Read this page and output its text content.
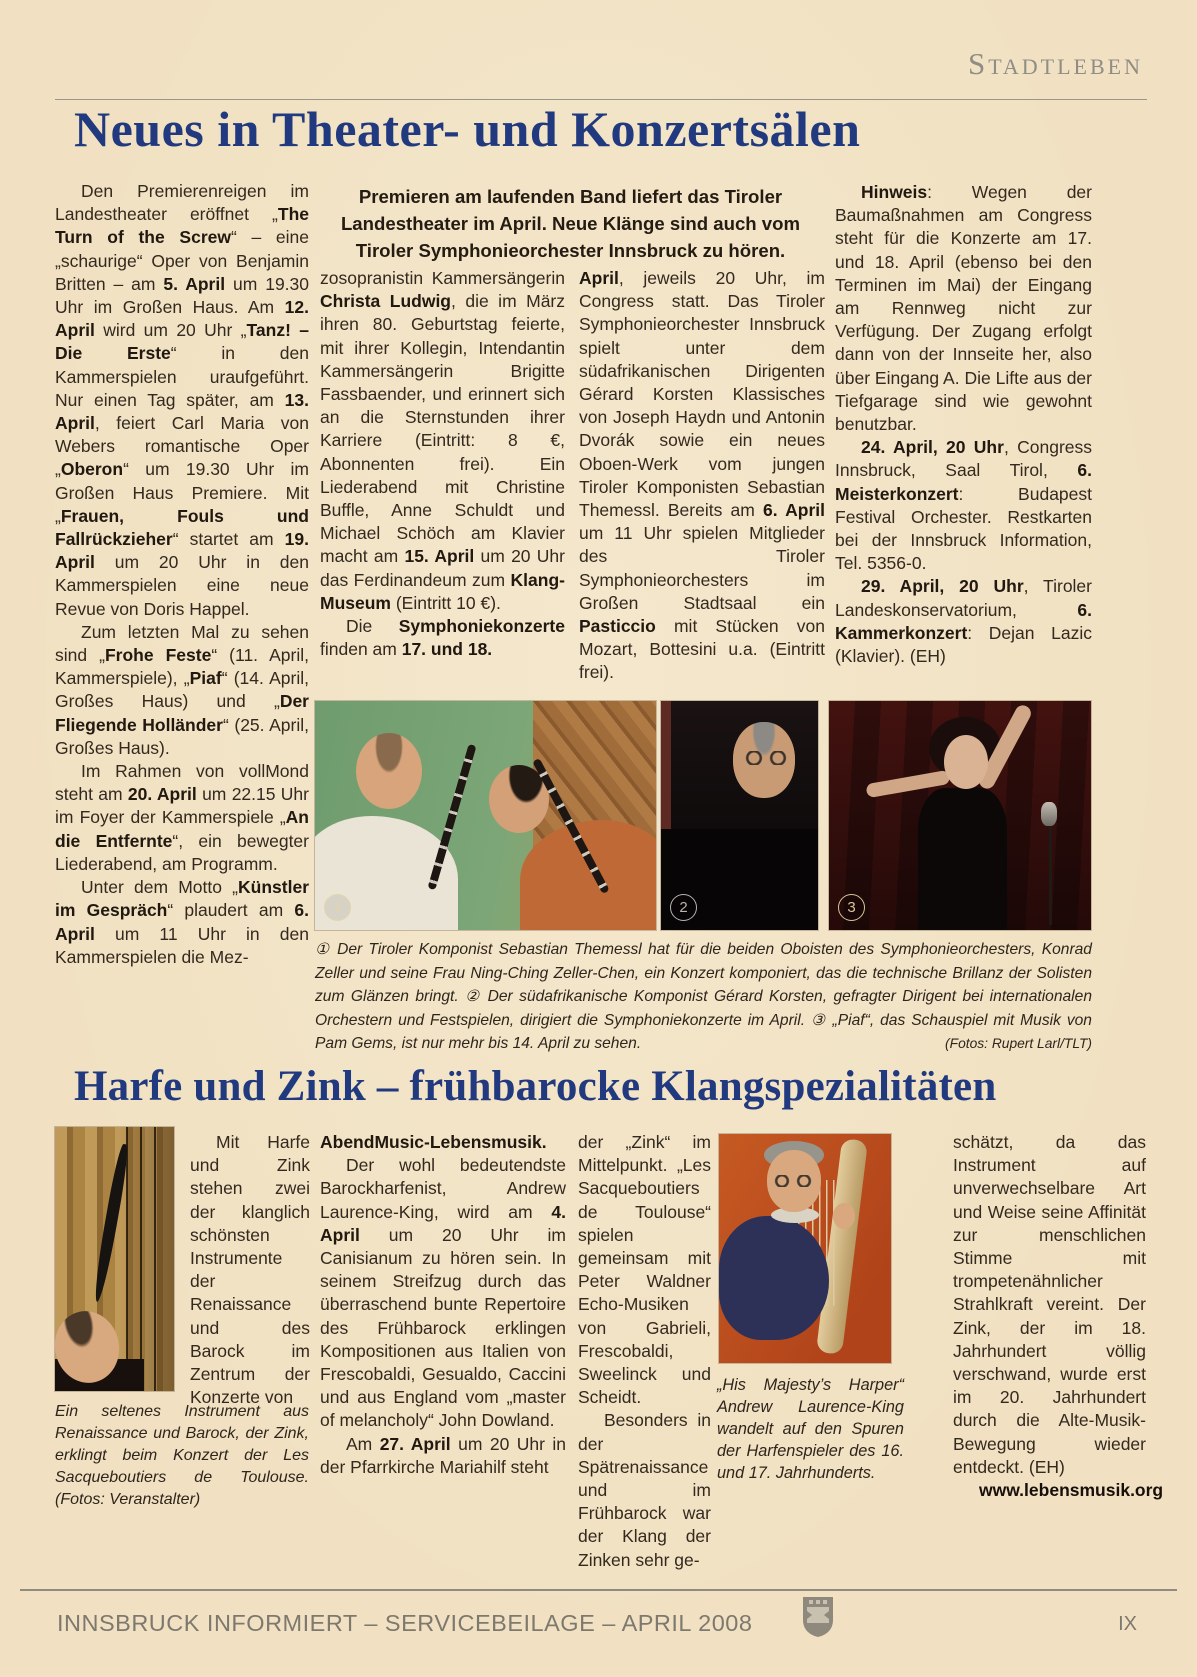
Stadtleben
Neues in Theater- und Konzertsälen

Den Premierenreigen im Landestheater eröffnet „The Turn of the Screw“ – eine „schaurige“ Oper von Benjamin Britten – am 5. April um 19.30 Uhr im Großen Haus. Am 12. April wird um 20 Uhr „Tanz! – Die Erste“ in den Kammerspielen uraufgeführt. Nur einen Tag später, am 13. April, feiert Carl Maria von Webers romantische Oper „Oberon“ um 19.30 Uhr im Großen Haus Premiere. Mit „Frauen, Fouls und Fallrückzieher“ startet am 19. April um 20 Uhr in den Kammerspielen eine neue Revue von Doris Happel.

Zum letzten Mal zu sehen sind „Frohe Feste“ (11. April, Kammerspiele), „Piaf“ (14. April, Großes Haus) und „Der Fliegende Holländer“ (25. April, Großes Haus).

Im Rahmen von vollMond steht am 20. April um 22.15 Uhr im Foyer der Kammerspiele „An die Entfernte“, ein bewegter Liederabend, am Programm.

Unter dem Motto „Künstler im Gespräch“ plaudert am 6. April um 11 Uhr in den Kammerspielen die Mez-

Premieren am laufenden Band liefert das Tiroler Landestheater im April. Neue Klänge sind auch vom Tiroler Symphonieorchester Innsbruck zu hören.

zosopranistin Kammersängerin Christa Ludwig, die im März ihren 80. Geburtstag feierte, mit ihrer Kollegin, Intendantin Kammersängerin Brigitte Fassbaender, und erinnert sich an die Sternstunden ihrer Karriere (Eintritt: 8 €, Abonnenten frei). Ein Liederabend mit Christine Buffle, Anne Schuldt und Michael Schöch am Klavier macht am 15. April um 20 Uhr das Ferdinandeum zum Klang-Museum (Eintritt 10 €).

Die Symphoniekonzerte finden am 17. und 18.

April, jeweils 20 Uhr, im Congress statt. Das Tiroler Symphonieorchester Innsbruck spielt unter dem südafrikanischen Dirigenten Gérard Korsten Klassisches von Joseph Haydn und Antonin Dvorák sowie ein neues Oboen-Werk vom jungen Tiroler Komponisten Sebastian Themessl. Bereits am 6. April um 11 Uhr spielen Mitglieder des Tiroler Symphonieorchesters im Großen Stadtsaal ein Pasticcio mit Stücken von Mozart, Bottesini u.a. (Eintritt frei).

Hinweis: Wegen der Baumaßnahmen am Congress steht für die Konzerte am 17. und 18. April (ebenso bei den Terminen im Mai) der Eingang am Rennweg nicht zur Verfügung. Der Zugang erfolgt dann von der Innseite her, also über Eingang A. Die Lifte aus der Tiefgarage sind wie gewohnt benutzbar.

24. April, 20 Uhr, Congress Innsbruck, Saal Tirol, 6. Meisterkonzert: Budapest Festival Orchester. Restkarten bei der Innsbruck Information, Tel. 5356-0.

29. April, 20 Uhr, Tiroler Landeskonservatorium, 6. Kammerkonzert: Dejan Lazic (Klavier). (EH)

1	2	3
① Der Tiroler Komponist Sebastian Themessl hat für die beiden Oboisten des Symphonieorchesters, Konrad Zeller und seine Frau Ning-Ching Zeller-Chen, ein Konzert komponiert, das die technische Brillanz der Solisten zum Glänzen bringt. ② Der südafrikanische Komponist Gérard Korsten, gefragter Dirigent bei internationalen Orchestern und Festspielen, dirigiert die Symphoniekonzerte im April. ③ „Piaf“, das Schauspiel mit Musik von Pam Gems, ist nur mehr bis 14. April zu sehen.	(Fotos: Rupert Larl/TLT)
Harfe und Zink – frühbarocke Klangspezialitäten

Mit Harfe und Zink stehen zwei der klanglich schönsten Instrumente der Renaissance und des Barock im Zentrum der Konzerte von

Ein seltenes Instrument aus Renaissance und Barock, der Zink, erklingt beim Konzert der Les Sacqueboutiers de Toulouse. (Fotos: Veranstalter)

AbendMusic-Lebensmusik.

Der wohl bedeutendste Barockharfenist, Andrew Laurence-King, wird am 4. April um 20 Uhr im Canisianum zu hören sein. In seinem Streifzug durch das überraschend bunte Repertoire des Frühbarock erklingen Kompositionen aus Italien von Frescobaldi, Gesualdo, Caccini und aus England vom „master of melancholy“ John Dowland.

Am 27. April um 20 Uhr in der Pfarrkirche Mariahilf steht

der „Zink“ im Mittelpunkt. „Les Sacqueboutiers de Toulouse“ spielen gemeinsam mit Peter Waldner Echo-Musiken von Gabrieli, Frescobaldi, Sweelinck und Scheidt.

Besonders in der Spätrenaissance und im Frühbarock war der Klang der Zinken sehr ge-

„His Majesty’s Harper“ Andrew Laurence-King wandelt auf den Spuren der Harfenspieler des 16. und 17. Jahrhunderts.

schätzt, da das Instrument auf unverwechselbare Art und Weise seine Affinität zur menschlichen Stimme mit trompetenähnlicher Strahlkraft vereint. Der Zink, der im 18. Jahrhundert völlig verschwand, wurde erst im 20. Jahrhundert durch die Alte-Musik-Bewegung wieder entdeckt. (EH)

www.lebensmusik.org

INNSBRUCK INFORMIERT – SERVICEBEILAGE – APRIL 2008	IX
